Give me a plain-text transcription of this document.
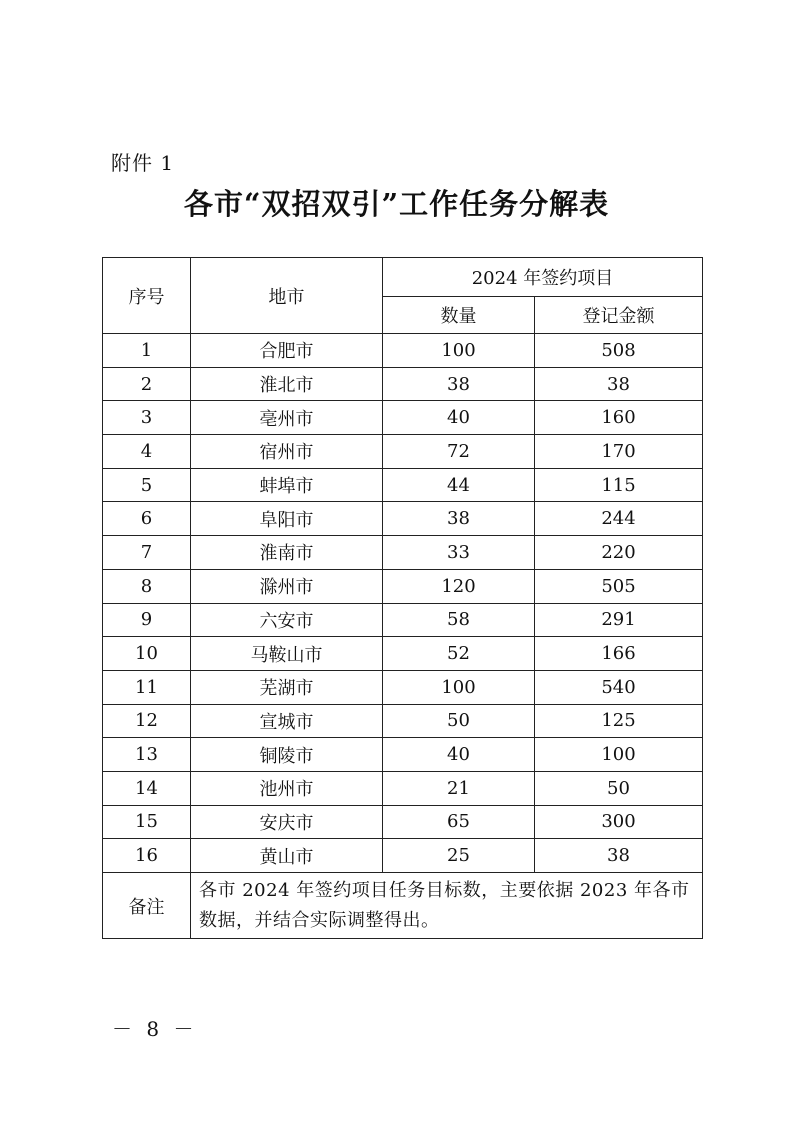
附件 1
各市“双招双引”工作任务分解表
序号	地市	2024 年签约项目	
		数量	登记金额
1	合肥市	100	508
2	淮北市	38	38
3	亳州市	40	160
4	宿州市	72	170
5	蚌埠市	44	115
6	阜阳市	38	244
7	淮南市	33	220
8	滁州市	120	505
9	六安市	58	291
10	马鞍山市	52	166
11	芜湖市	100	540
12	宣城市	50	125
13	铜陵市	40	100
14	池州市	21	50
15	安庆市	65	300
16	黄山市	25	38
备注	各市 2024 年签约项目任务目标数，主要依据 2023 年各市数据，并结合实际调整得出。		
－ 8 －
